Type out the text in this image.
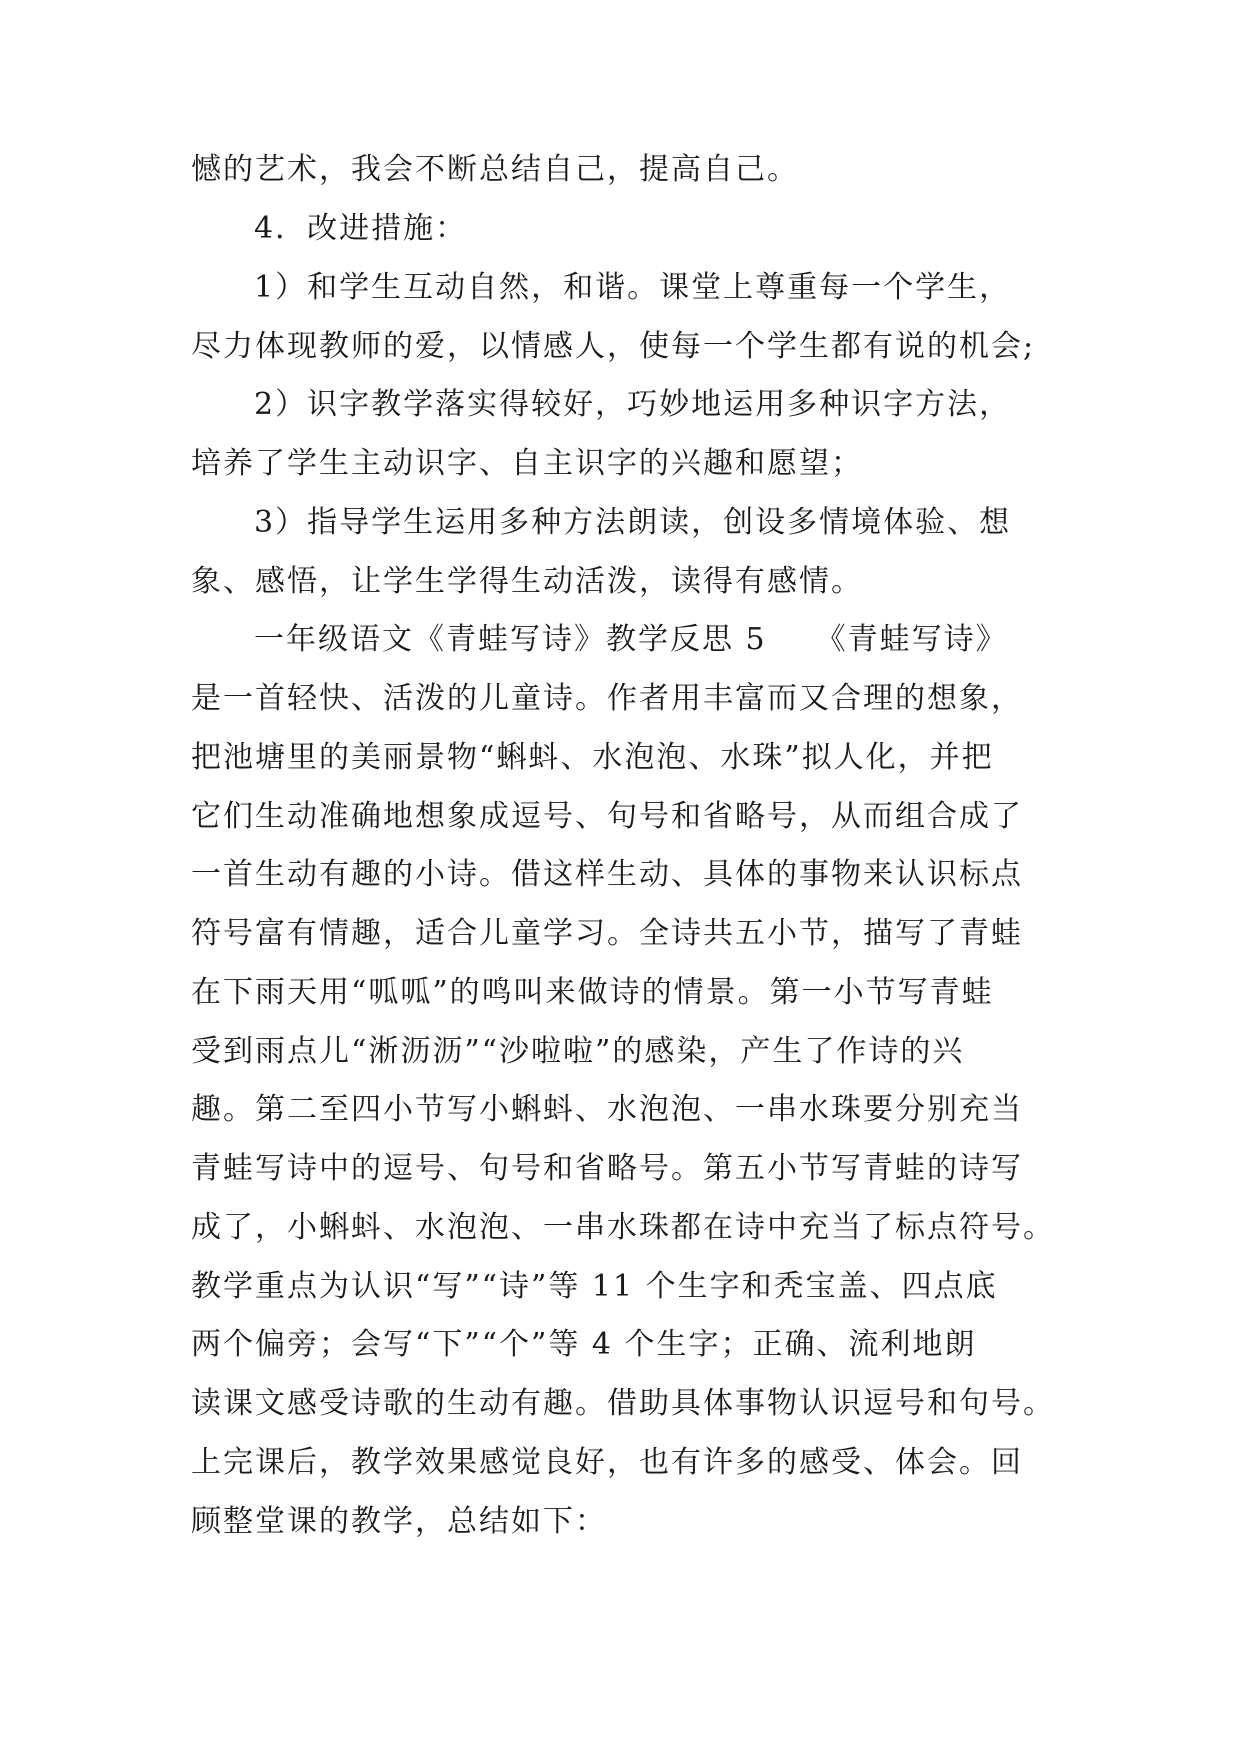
憾的艺术，我会不断总结自己，提高自己。
4．改进措施：
1）和学生互动自然，和谐。课堂上尊重每一个学生，
尽力体现教师的爱，以情感人，使每一个学生都有说的机会;
2）识字教学落实得较好，巧妙地运用多种识字方法，
培养了学生主动识字、自主识字的兴趣和愿望；
3）指导学生运用多种方法朗读，创设多情境体验、想
象、感悟，让学生学得生动活泼，读得有感情。
一年级语文《青蛙写诗》教学反思 5　　《青蛙写诗》
是一首轻快、活泼的儿童诗。作者用丰富而又合理的想象，
把池塘里的美丽景物“蝌蚪、水泡泡、水珠”拟人化，并把
它们生动准确地想象成逗号、句号和省略号，从而组合成了
一首生动有趣的小诗。借这样生动、具体的事物来认识标点
符号富有情趣，适合儿童学习。全诗共五小节，描写了青蛙
在下雨天用“呱呱”的鸣叫来做诗的情景。第一小节写青蛙
受到雨点儿“淅沥沥”“沙啦啦”的感染，产生了作诗的兴
趣。第二至四小节写小蝌蚪、水泡泡、一串水珠要分别充当
青蛙写诗中的逗号、句号和省略号。第五小节写青蛙的诗写
成了，小蝌蚪、水泡泡、一串水珠都在诗中充当了标点符号。
教学重点为认识“写”“诗”等 11 个生字和秃宝盖、四点底
两个偏旁；会写“下”“个”等 4 个生字；正确、流利地朗
读课文感受诗歌的生动有趣。借助具体事物认识逗号和句号。
上完课后，教学效果感觉良好，也有许多的感受、体会。回
顾整堂课的教学，总结如下：
